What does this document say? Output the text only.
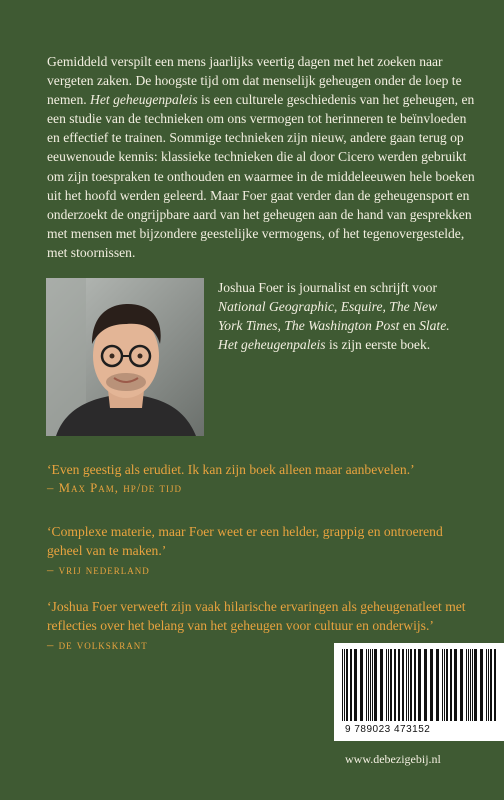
Gemiddeld verspilt een mens jaarlijks veertig dagen met het zoeken naar vergeten zaken. De hoogste tijd om dat menselijk geheugen onder de loep te nemen. Het geheugenpaleis is een culturele geschiedenis van het geheugen, en een studie van de technieken om ons vermogen tot herinneren te beïnvloeden en effectief te trainen. Sommige technieken zijn nieuw, andere gaan terug op eeuwenoude kennis: klassieke technieken die al door Cicero werden gebruikt om zijn toespraken te onthouden en waarmee in de middeleeuwen hele boeken uit het hoofd werden geleerd. Maar Foer gaat verder dan de geheugensport en onderzoekt de ongrijpbare aard van het geheugen aan de hand van gesprekken met mensen met bijzondere geestelijke vermogens, of het tegenovergestelde, met stoornissen.

Joshua Foer is journalist en schrijft voor National Geographic, Esquire, The New York Times, The Washington Post en Slate. Het geheugenpaleis is zijn eerste boek.

‘Even geestig als erudiet. Ik kan zijn boek alleen maar aanbevelen.’
– Max Pam, hp/de tijd

‘Complexe materie, maar Foer weet er een helder, grappig en ontroerend geheel van te maken.’
– vrij nederland

‘Joshua Foer verweeft zijn vaak hilarische ervaringen als geheugenatleet met reflecties over het belang van het geheugen voor cultuur en onderwijs.’
– de volkskrant

9 789023 473152

www.debezigebij.nl
